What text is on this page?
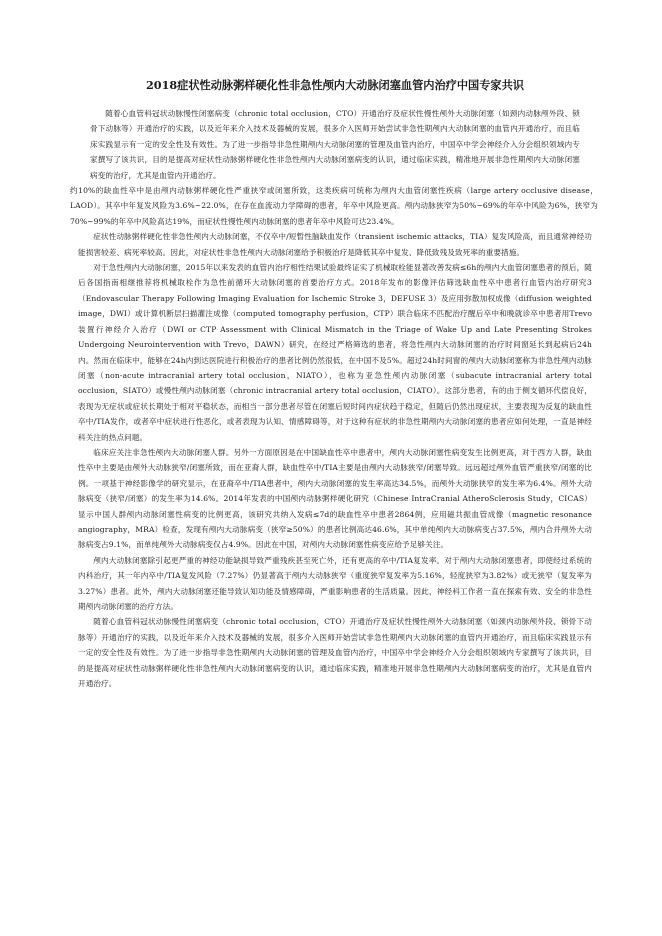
2018症状性动脉粥样硬化性非急性颅内大动脉闭塞血管内治疗中国专家共识

随着心血管科冠状动脉慢性闭塞病变（chronic total occlusion，CTO）开通治疗及症状性慢性颅外大动脉闭塞（如颈内动脉颅外段、锁骨下动脉等）开通治疗的实践，以及近年来介入技术及器械的发展，很多介入医师开始尝试非急性期颅内大动脉闭塞的血管内开通治疗，而且临床实践显示有一定的安全性及有效性。为了进一步指导非急性期颅内大动脉闭塞的管理及血管内治疗，中国卒中学会神经介入分会组织领域内专家撰写了该共识，目的是提高对症状性动脉粥样硬化性非急性颅内大动脉闭塞病变的认识，通过临床实践，精准地开展非急性期颅内大动脉闭塞病变的治疗，尤其是血管内开通治疗。

约10%的缺血性卒中是由颅内动脉粥样硬化性严重狭窄或闭塞所致，这类疾病可统称为颅内大血管闭塞性疾病（large artery occlusive disease，LAOD）。其卒中年复发风险为3.6%~22.0%，在存在血流动力学障碍的患者，年卒中风险更高。颅内动脉狭窄为50%~69%的年卒中风险为6%，狭窄为70%~99%的年卒中风险高达19%，而症状性慢性颅内动脉闭塞的患者年卒中风险可达23.4%。

症状性动脉粥样硬化性非急性颅内大动脉闭塞，不仅卒中/短暂性脑缺血发作（transient ischemic attacks，TIA）复发风险高，而且通常神经功能损害较差、病死率较高。因此，对症状性非急性颅内大动脉闭塞给予积极治疗是降低其卒中复发、降低致残及致死率的重要措施。

对于急性颅内大动脉闭塞，2015年以来发表的血管内治疗相性结果试验最终证实了机械取栓能显著改善发病≤6h的颅内大血管闭塞患者的预后，随后各国指南相继推荐将机械取栓作为急性前循环大动脉闭塞的首要治疗方式。2018年发布的影像评估筛选缺血性卒中患者行血管内治疗研究3（Endovascular Therapy Following Imaging Evaluation for Ischemic Stroke 3，DEFUSE 3）及应用弥散加权成像（diffusion weighted image，DWI）或计算机断层扫描灌注成像（computed tomography perfusion，CTP）联合临床不匹配治疗醒后卒中和晚就诊卒中患者用Trevo装置行神经介入治疗（DWI or CTP Assessment with Clinical Mismatch in the Triage of Wake Up and Late Presenting Strokes Undergoing Neurointervention with Trevo，DAWN）研究，在经过严格筛选的患者，将急性颅内大动脉闭塞的治疗时间窗延长到起病后24h内。然而在临床中，能够在24h内到达医院进行积极治疗的患者比例仍然很低，在中国不及5%。超过24h时间窗的颅内大动脉闭塞称为非急性颅内动脉闭塞（non-acute intracranial artery total occlusion，NIATO），也称为亚急性颅内动脉闭塞（subacute intracranial artery total occlusion，SIATO）或慢性颅内动脉闭塞（chronic intracranial artery total occlusion，CIATO）。这部分患者，有的由于侧支循环代偿良好，表现为无症状或症状长期处于相对平稳状态，而相当一部分患者尽管在闭塞后短时间内症状趋于稳定，但随后仍然出现症状，主要表现为反复的缺血性卒中/TIA发作，或者卒中症状进行性恶化，或者表现为认知、情感障碍等，对于这种有症状的非急性期颅内大动脉闭塞的患者应如何处理，一直是神经科关注的热点问题。

临床应关注非急性颅内大动脉闭塞人群。另外一方面原因是在中国缺血性卒中患者中，颅内大动脉闭塞性病变发生比例更高，对于西方人群，缺血性卒中主要是由颅外大动脉狭窄/闭塞所致，而在亚裔人群，缺血性卒中/TIA主要是由颅内大动脉狭窄/闭塞导致。远远超过颅外血管严重狭窄/闭塞的比例。一项基于神经影像学的研究显示，在亚裔卒中/TIA患者中，颅内大动脉闭塞的发生率高达34.5%，而颅外大动脉狭窄的发生率为6.4%。颅外大动脉病变（狭窄/闭塞）的发生率为14.6%。2014年发表的中国颅内动脉粥样硬化研究（Chinese IntraCranial AtheroSclerosis Study，CICAS）显示中国人群颅内动脉闭塞性病变的比例更高，该研究共纳入发病≤7d的缺血性卒中患者2864例，应用磁共振血管成像（magnetic resonance angiography，MRA）检查，发现有颅内大动脉病变（狭窄≥50%）的患者比例高达46.6%，其中单纯颅内大动脉病变占37.5%，颅内合并颅外大动脉病变占9.1%，而单纯颅外大动脉病变仅占4.9%。因此在中国，对颅内大动脉闭塞性病变应给予足够关注。

颅内大动脉闭塞除引起更严重的神经功能缺损导致严重残疾甚至死亡外，还有更高的卒中/TIA复发率。对于颅内大动脉闭塞患者，即使经过系统的内科治疗，其一年内卒中/TIA复发风险（7.27%）仍显著高于颅内大动脉狭窄（重度狭窄复发率为5.16%，轻度狭窄为3.82%）或无狭窄（复发率为3.27%）患者。此外，颅内大动脉闭塞还能导致认知功能及情感障碍，严重影响患者的生活质量。因此，神经科工作者一直在探索有效、安全的非急性期颅内动脉闭塞的治疗方法。

随着心血管科冠状动脉慢性闭塞病变（chronic total occlusion，CTO）开通治疗及症状性慢性颅外大动脉闭塞（如颈内动脉颅外段、锁骨下动脉等）开通治疗的实践，以及近年来介入技术及器械的发展，很多介入医师开始尝试非急性期颅内大动脉闭塞的血管内开通治疗，而且临床实践显示有一定的安全性及有效性。为了进一步指导非急性期颅内大动脉闭塞的管理及血管内治疗，中国卒中学会神经介入分会组织领域内专家撰写了该共识，目的是提高对症状性动脉粥样硬化性非急性颅内大动脉闭塞病变的认识，通过临床实践，精准地开展非急性期颅内大动脉闭塞病变的治疗，尤其是血管内开通治疗。
